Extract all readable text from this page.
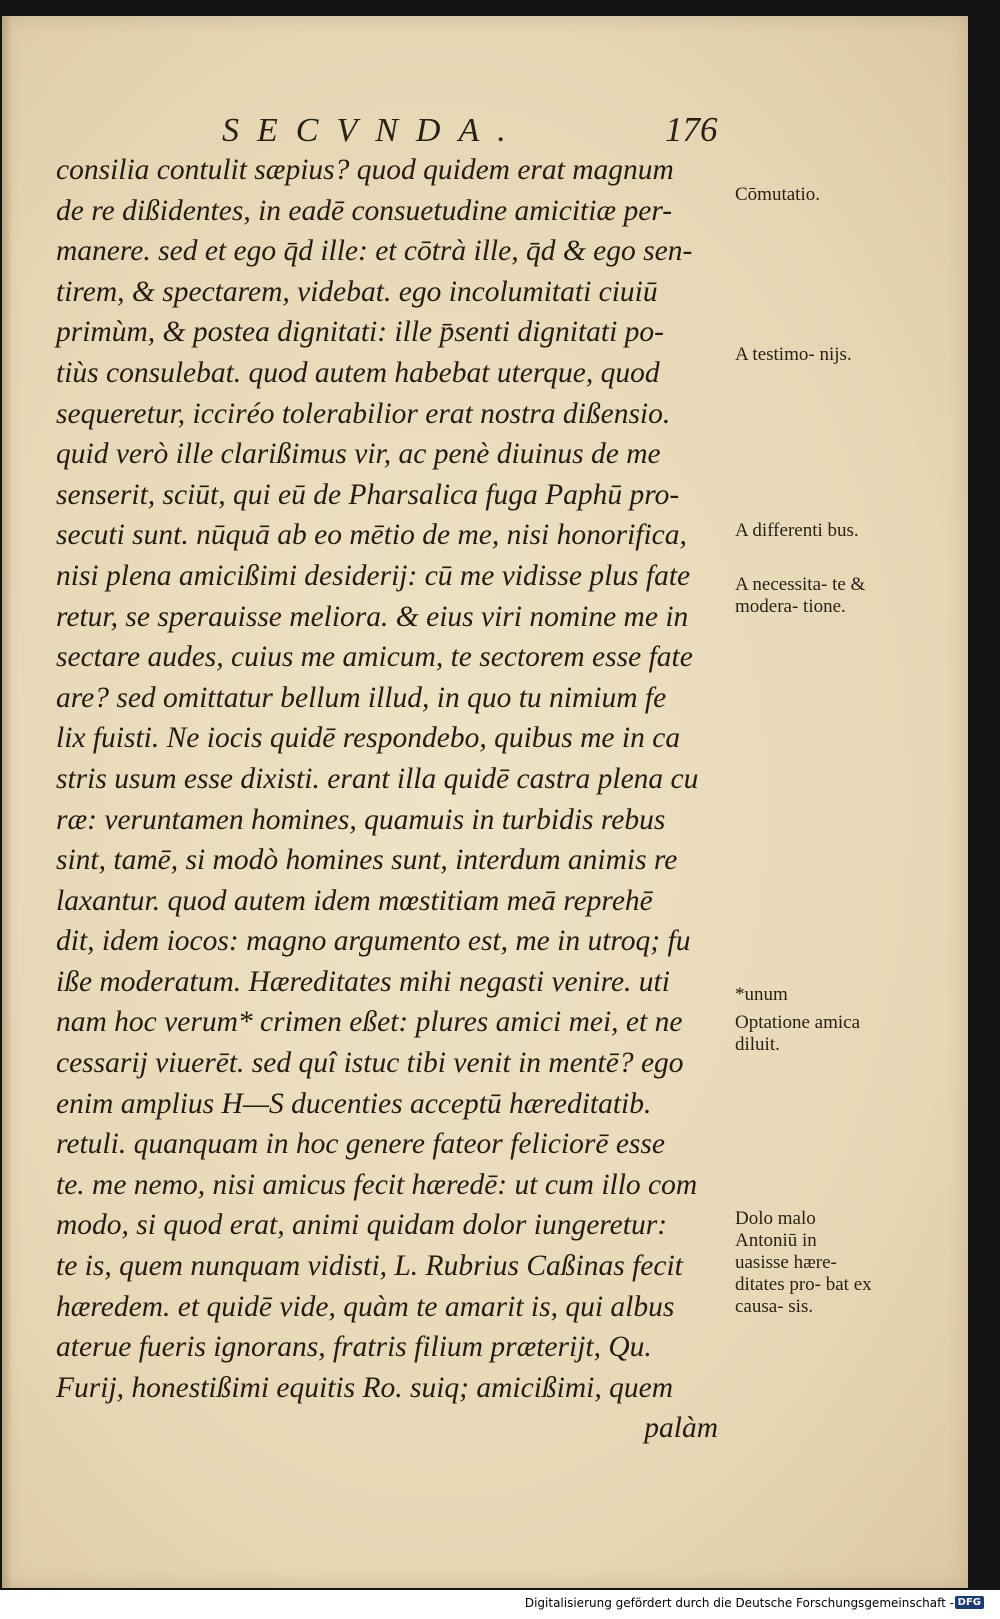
SECVNDA.	176
consilia contulit sæpius? quod quidem erat magnum
de re dißidentes, in eadē consuetudine amicitiæ per-
manere. sed et ego q̄d ille: et cōtrà ille, q̄d & ego sen-
tirem, & spectarem, videbat. ego incolumitati ciuiū
primùm, & postea dignitati: ille p̄senti dignitati po-
tiùs consulebat. quod autem habebat uterque, quod
sequeretur, icciréo tolerabilior erat nostra dißensio.
quid verò ille clarißimus vir, ac penè diuinus de me
senserit, sciūt, qui eū de Pharsalica fuga Paphū pro-
secuti sunt. nūquā ab eo mētio de me, nisi honorifica,
nisi plena amicißimi desiderij: cū me vidisse plus fate
retur, se sperauisse meliora. & eius viri nomine me in
sectare audes, cuius me amicum, te sectorem esse fate
are? sed omittatur bellum illud, in quo tu nimium fe
lix fuisti. Ne iocis quidē respondebo, quibus me in ca
stris usum esse dixisti. erant illa quidē castra plena cu
ræ: veruntamen homines, quamuis in turbidis rebus
sint, tamē, si modò homines sunt, interdum animis re
laxantur. quod autem idem mœstitiam meā reprehē
dit, idem iocos: magno argumento est, me in utroq; fu
iße moderatum. Hæreditates mihi negasti venire. uti
nam hoc verum* crimen eßet: plures amici mei, et ne
cessarij viuerēt. sed quî istuc tibi venit in mentē? ego
enim amplius H—S ducenties acceptū hæreditatib.
retuli. quanquam in hoc genere fateor feliciorē esse
te. me nemo, nisi amicus fecit hæredē: ut cum illo com
modo, si quod erat, animi quidam dolor iungeretur:
te is, quem nunquam vidisti, L. Rubrius Caßinas fecit
hæredem. et quidē vide, quàm te amarit is, qui albus
aterue fueris ignorans, fratris filium præterijt, Qu.
Furij, honestißimi equitis Ro. suiq; amicißimi, quem
palàm
Cōmutatio.
A testimo- nijs.
A differenti bus.
A necessita- te & modera- tione.
*unum
Optatione amica diluit.
Dolo malo Antoniū in uasisse hære- ditates pro- bat ex causa- sis.
Digitalisierung gefördert durch die Deutsche Forschungsgemeinschaft - DFG
